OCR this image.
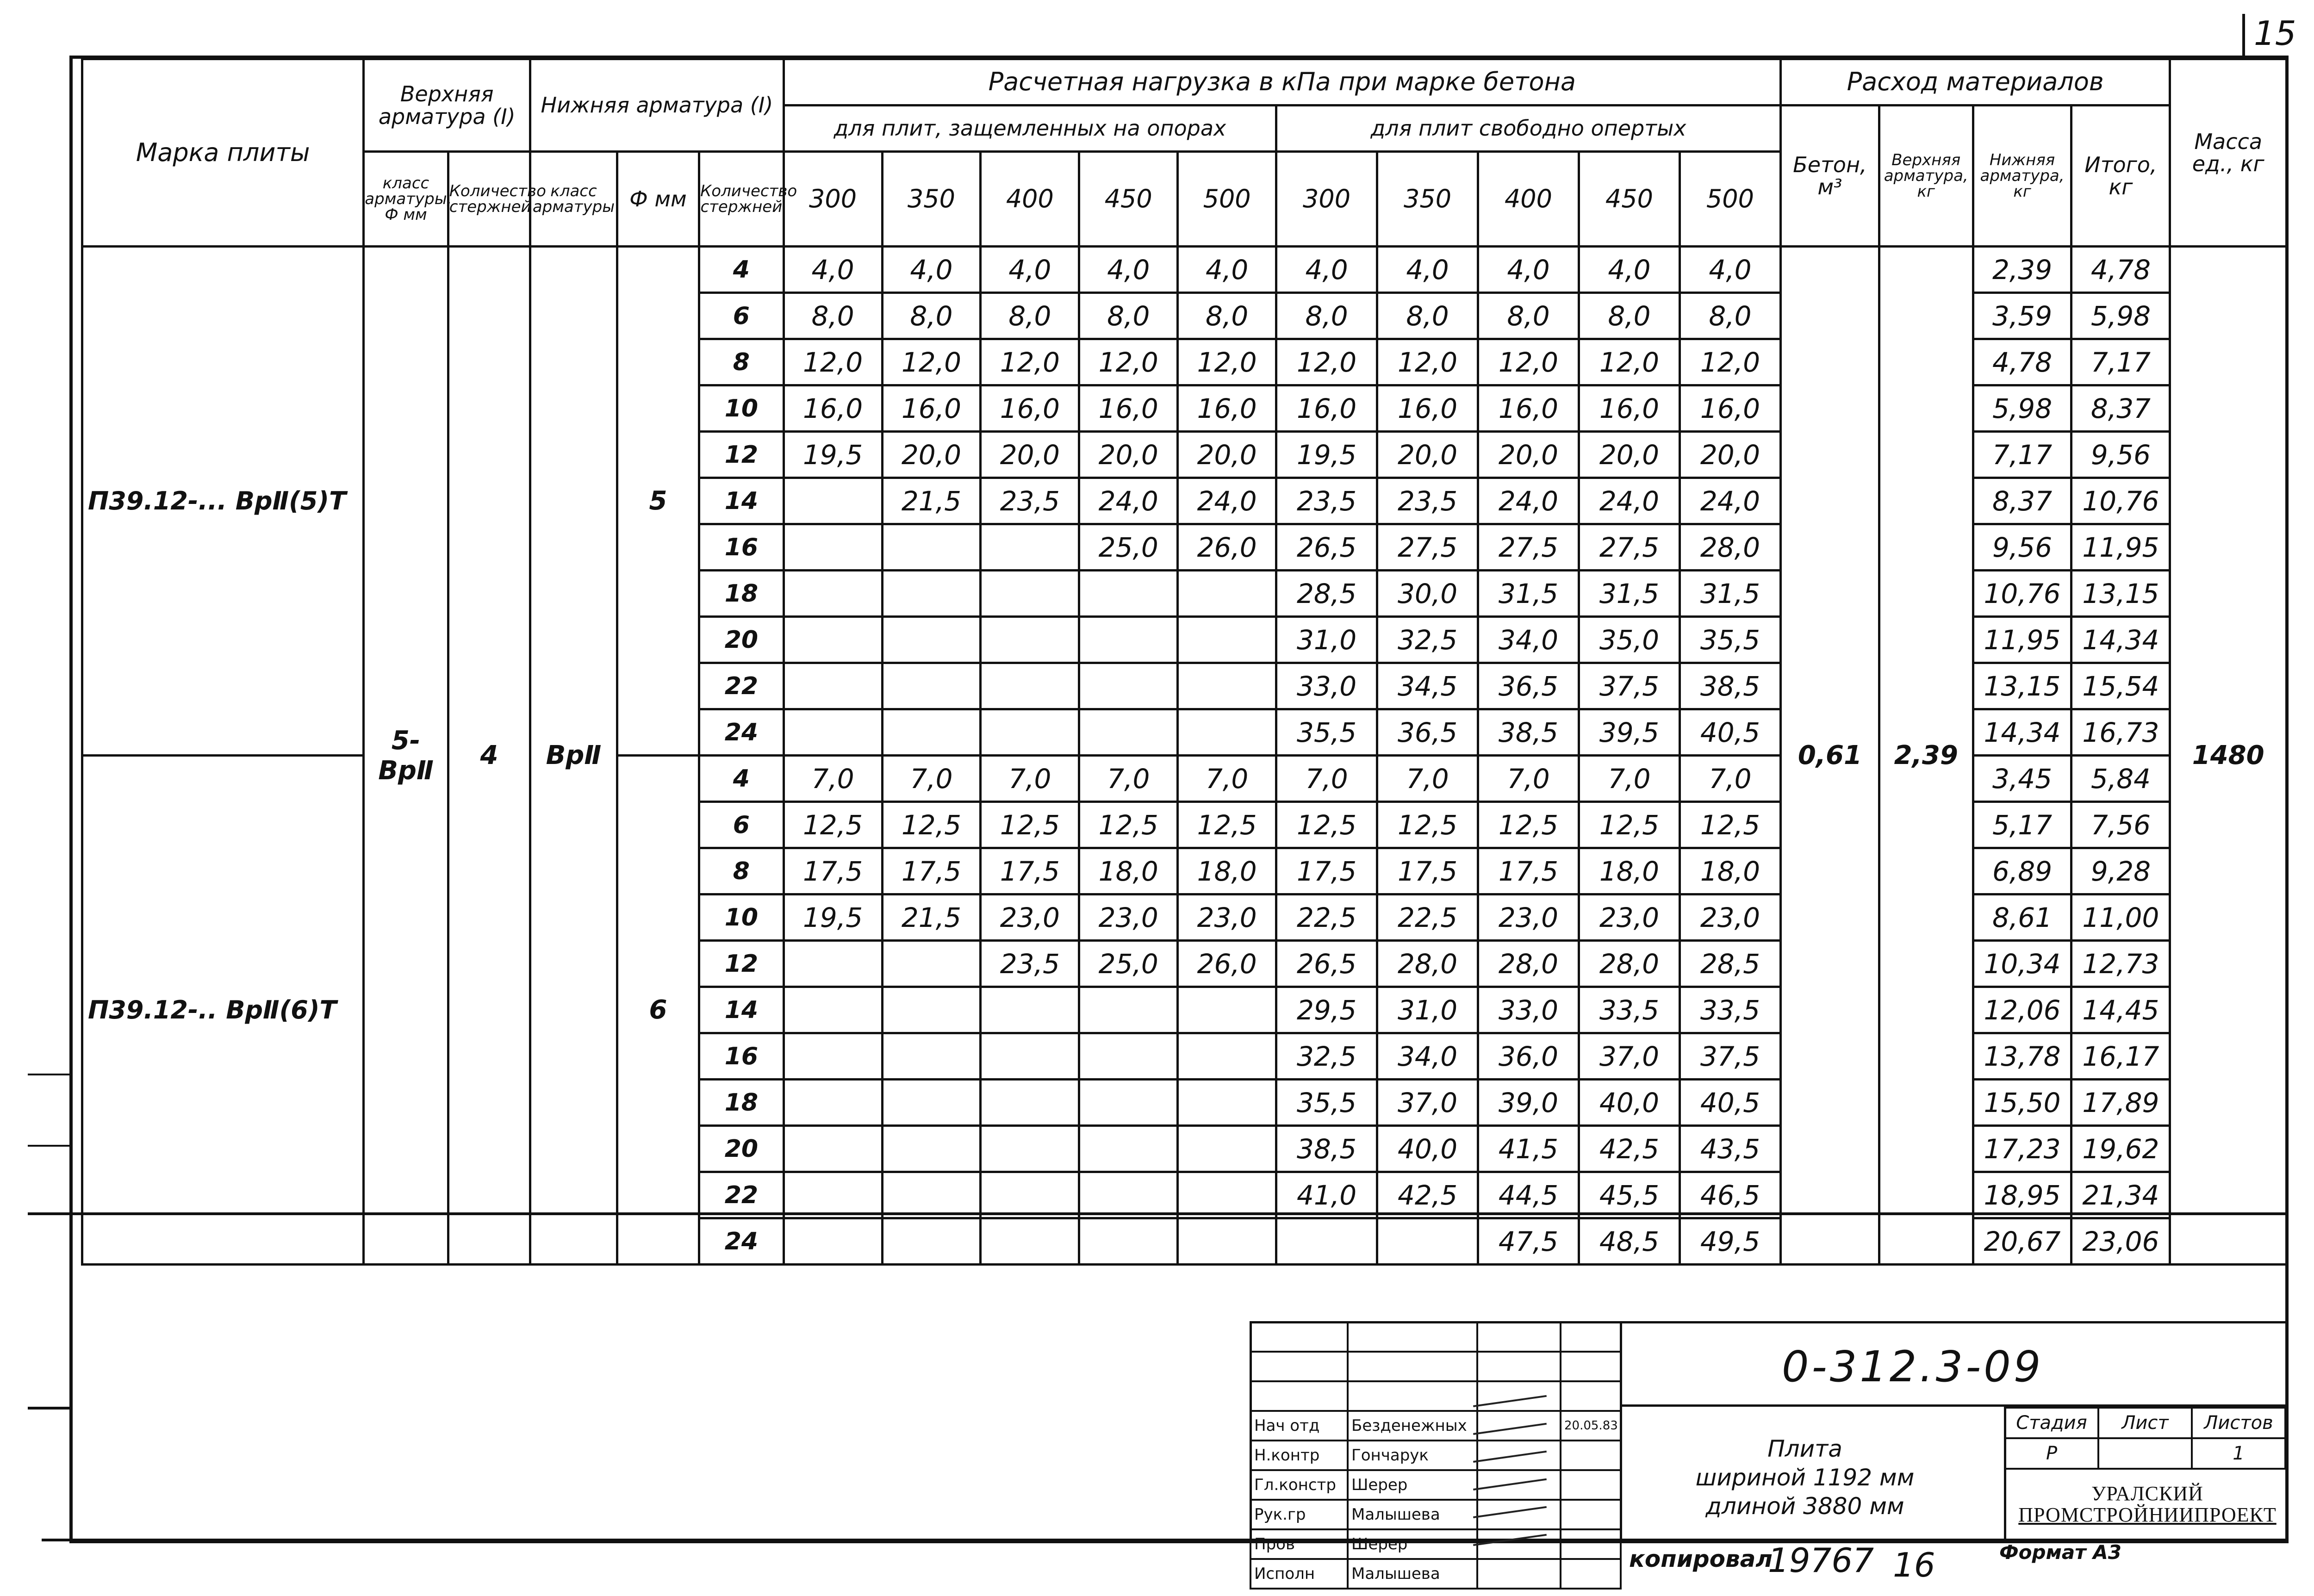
15
Марка плиты	Верхняя арматура (I)		Нижняя арматура (I)			Расчетная нагрузка в кПа при марке бетона										Расход материалов				Масса ед., кг
						для плит, защемленных на опорах					для плит свободно опертых					Бетон, м³	Верхняя арматура, кг	Нижняя арматура, кг	Итого, кг	
	класс арматуры, Ф мм	Количество стержней	класс арматуры	Ф мм	Количество стержней	300	350	400	450	500	300	350	400	450	500					
П39.12-... ВрⅡ(5)Т	5-ВрⅡ	4	ВрⅡ	5	4	4,0	4,0	4,0	4,0	4,0	4,0	4,0	4,0	4,0	4,0	0,61	2,39	2,39	4,78	1480
					6	8,0	8,0	8,0	8,0	8,0	8,0	8,0	8,0	8,0	8,0			3,59	5,98	
					8	12,0	12,0	12,0	12,0	12,0	12,0	12,0	12,0	12,0	12,0			4,78	7,17	
					10	16,0	16,0	16,0	16,0	16,0	16,0	16,0	16,0	16,0	16,0			5,98	8,37	
					12	19,5	20,0	20,0	20,0	20,0	19,5	20,0	20,0	20,0	20,0			7,17	9,56	
					14		21,5	23,5	24,0	24,0	23,5	23,5	24,0	24,0	24,0			8,37	10,76	
					16				25,0	26,0	26,5	27,5	27,5	27,5	28,0			9,56	11,95	
					18						28,5	30,0	31,5	31,5	31,5			10,76	13,15	
					20						31,0	32,5	34,0	35,0	35,5			11,95	14,34	
					22						33,0	34,5	36,5	37,5	38,5			13,15	15,54	
					24						35,5	36,5	38,5	39,5	40,5			14,34	16,73	
П39.12-.. ВрⅡ(6)Т				6	4	7,0	7,0	7,0	7,0	7,0	7,0	7,0	7,0	7,0	7,0			3,45	5,84	
					6	12,5	12,5	12,5	12,5	12,5	12,5	12,5	12,5	12,5	12,5			5,17	7,56	
					8	17,5	17,5	17,5	18,0	18,0	17,5	17,5	17,5	18,0	18,0			6,89	9,28	
					10	19,5	21,5	23,0	23,0	23,0	22,5	22,5	23,0	23,0	23,0			8,61	11,00	
					12			23,5	25,0	26,0	26,5	28,0	28,0	28,0	28,5			10,34	12,73	
					14						29,5	31,0	33,0	33,5	33,5			12,06	14,45	
					16						32,5	34,0	36,0	37,0	37,5			13,78	16,17	
					18						35,5	37,0	39,0	40,0	40,5			15,50	17,89	
					20						38,5	40,0	41,5	42,5	43,5			17,23	19,62	
					22						41,0	42,5	44,5	45,5	46,5			18,95	21,34	
					24								47,5	48,5	49,5			20,67	23,06	

Нач отд	Безденежных		20.05.83
Н.контр	Гончарук		
Гл.констр	Шерер		
Рук.гр	Малышева		
Пров	Шерер		
Исполн	Малышева		
0-312.3-09
Плита
шириной 1192 мм
длиной 3880 мм
Стадия	Лист	Листов
Р		1
УРАЛСКИЙ
ПРОМСТРОЙНИИПРОЕКТ
копировал
19767 16	Формат А3
